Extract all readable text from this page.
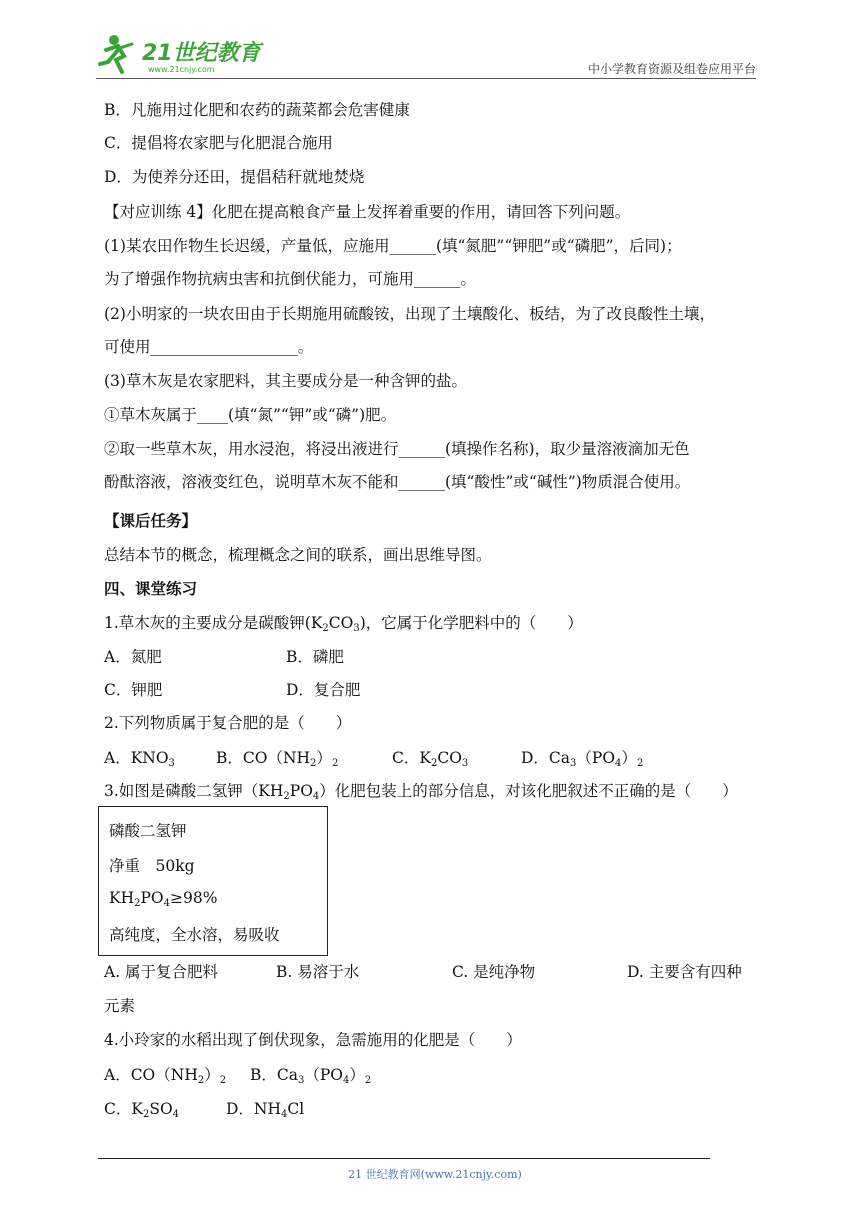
21世纪教育
www.21cnjy.com	中小学教育资源及组卷应用平台
B．凡施用过化肥和农药的蔬菜都会危害健康
C．提倡将农家肥与化肥混合施用
D．为使养分还田，提倡秸秆就地焚烧
【对应训练 4】化肥在提高粮食产量上发挥着重要的作用，请回答下列问题。
(1)某农田作物生长迟缓，产量低，应施用______(填“氮肥”“钾肥”或“磷肥”，后同)；
为了增强作物抗病虫害和抗倒伏能力，可施用______。
(2)小明家的一块农田由于长期施用硫酸铵，出现了土壤酸化、板结，为了改良酸性土壤，
可使用___________________。
(3)草木灰是农家肥料，其主要成分是一种含钾的盐。
①草木灰属于____(填“氮”“钾”或“磷”)肥。
②取一些草木灰，用水浸泡，将浸出液进行______(填操作名称)，取少量溶液滴加无色
酚酞溶液，溶液变红色，说明草木灰不能和______(填“酸性”或“碱性”)物质混合使用。
【课后任务】
总结本节的概念，梳理概念之间的联系，画出思维导图。
四、课堂练习
1.草木灰的主要成分是碳酸钾$(K_2CO_3)$，它属于化学肥料中的（　　）
A．氮肥	B．磷肥
C．钾肥	D．复合肥
2.下列物质属于复合肥的是（　　）
A．$KNO_3$	B．$CO(NH_2)_2$	C．$K_2CO_3$	D．$Ca_3(PO_4)_2$
3.如图是磷酸二氢钾$(KH_2PO_4)$化肥包装上的部分信息，对该化肥叙述不正确的是（　　）
磷酸二氢钾
净重　50kg
$KH_2PO_4\ge 98\%$
高纯度，全水溶，易吸收
A. 属于复合肥料	B. 易溶于水	C. 是纯净物	D. 主要含有四种
元素
4.小玲家的水稻出现了倒伏现象，急需施用的化肥是（　　）
A．$CO(NH_2)_2$ B．$Ca_3(PO_4)_2$
C．$K_2SO_4$	D．$NH_4Cl$
21 世纪教育网(www.21cnjy.com)
